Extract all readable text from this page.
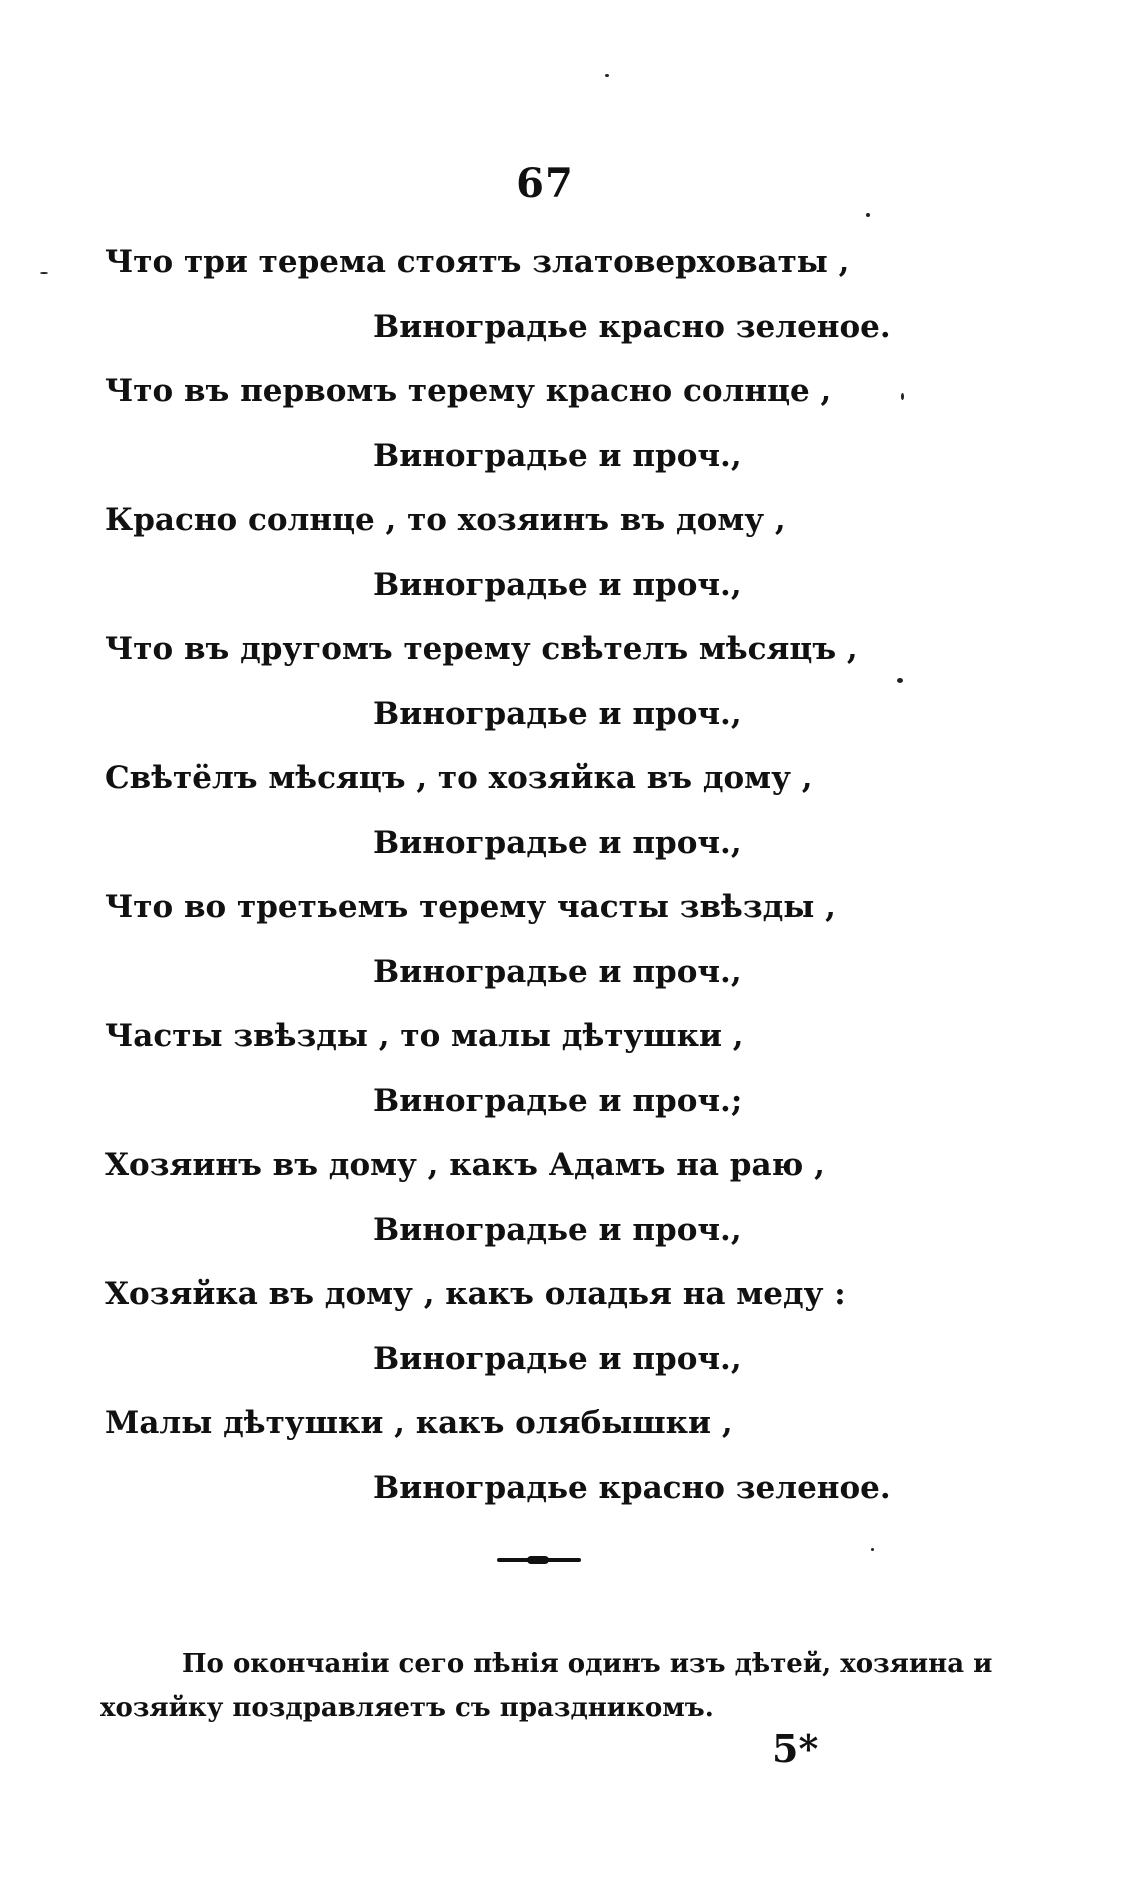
67
Что три терема стоятъ златоверховаты ,
Виноградье красно зеленое.
Что въ первомъ терему красно солнце ,
Виноградье и проч.,
Красно солнце , то хозяинъ въ дому ,
Виноградье и проч.,
Что въ другомъ терему свѣтелъ мѣсяцъ ,
Виноградье и проч.,
Свѣтёлъ мѣсяцъ , то хозяйка въ дому ,
Виноградье и проч.,
Что во третьемъ терему часты звѣзды ,
Виноградье и проч.,
Часты звѣзды , то малы дѣтушки ,
Виноградье и проч.;
Хозяинъ въ дому , какъ Адамъ на раю ,
Виноградье и проч.,
Хозяйка въ дому , какъ оладья на меду :
Виноградье и проч.,
Малы дѣтушки , какъ олябышки ,
Виноградье красно зеленое.
По окончанiи сего пѣнiя одинъ изъ дѣтей, хозяина и хозяйку поздравляетъ съ праздникомъ.
5*
